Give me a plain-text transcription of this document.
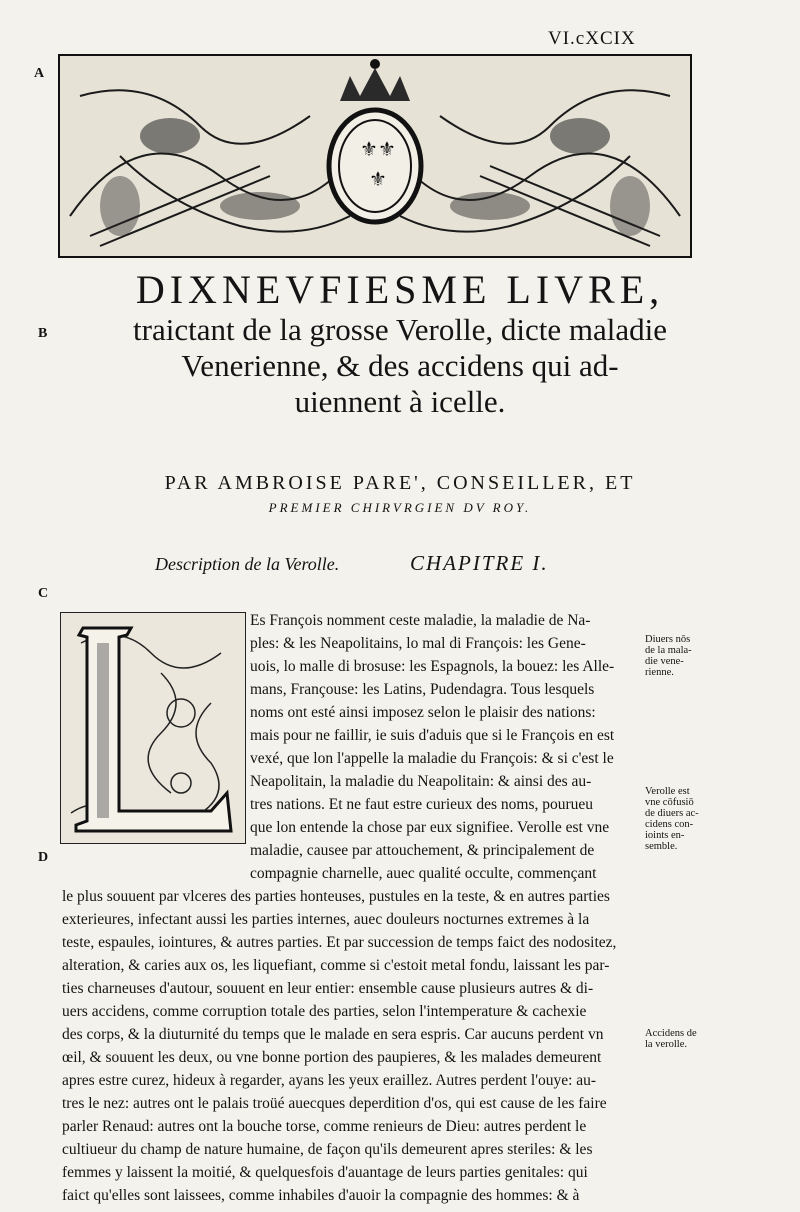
VI.cXCIX
A
B
C
D
⚜ ⚜
⚜
DIXNEVFIESME LIVRE,
traictant de la grosse Verolle, dicte maladie
Venerienne, & des accidens qui ad-
uiennent à icelle.
PAR AMBROISE PARE', CONSEILLER, ET
PREMIER CHIRVRGIEN DV ROY.
Description de la Verolle.	CHAPITRE I.
Es François nomment ceste maladie, la maladie de Na-
ples: & les Neapolitains, lo mal di François: les Gene-
uois, lo malle di brosuse: les Espagnols, la bouez: les Alle-
mans, Françouse: les Latins, Pudendagra. Tous lesquels
noms ont esté ainsi imposez selon le plaisir des nations:
mais pour ne faillir, ie suis d'aduis que si le François en est
vexé, que lon l'appelle la maladie du François: & si c'est le
Neapolitain, la maladie du Neapolitain: & ainsi des au-
tres nations. Et ne faut estre curieux des noms, pourueu
que lon entende la chose par eux signifiee. Verolle est vne
maladie, causee par attouchement, & principalement de
compagnie charnelle, auec qualité occulte, commençant
le plus souuent par vlceres des parties honteuses, pustules en la teste, & en autres parties
exterieures, infectant aussi les parties internes, auec douleurs nocturnes extremes à la
teste, espaules, iointures, & autres parties. Et par succession de temps faict des nodositez,
alteration, & caries aux os, les liquefiant, comme si c'estoit metal fondu, laissant les par-
ties charneuses d'autour, souuent en leur entier: ensemble cause plusieurs autres & di-
uers accidens, comme corruption totale des parties, selon l'intemperature & cachexie
des corps, & la diuturnité du temps que le malade en sera espris. Car aucuns perdent vn
œil, & souuent les deux, ou vne bonne portion des paupieres, & les malades demeurent
apres estre curez, hideux à regarder, ayans les yeux eraillez. Autres perdent l'ouye: au-
tres le nez: autres ont le palais troüé auecques deperdition d'os, qui est cause de les faire
parler Renaud: autres ont la bouche torse, comme renieurs de Dieu: autres perdent le
cultiueur du champ de nature humaine, de façon qu'ils demeurent apres steriles: & les
femmes y laissent la moitié, & quelquesfois d'auantage de leurs parties genitales: qui
faict qu'elles sont laissees, comme inhabiles d'auoir la compagnie des hommes: & à
Diuers nōs
de la mala-
die vene-
rienne.
Verolle est
vne cōfusiō
de diuers ac-
cidens con-
ioints en-
semble.
Accidens de
la verolle.
